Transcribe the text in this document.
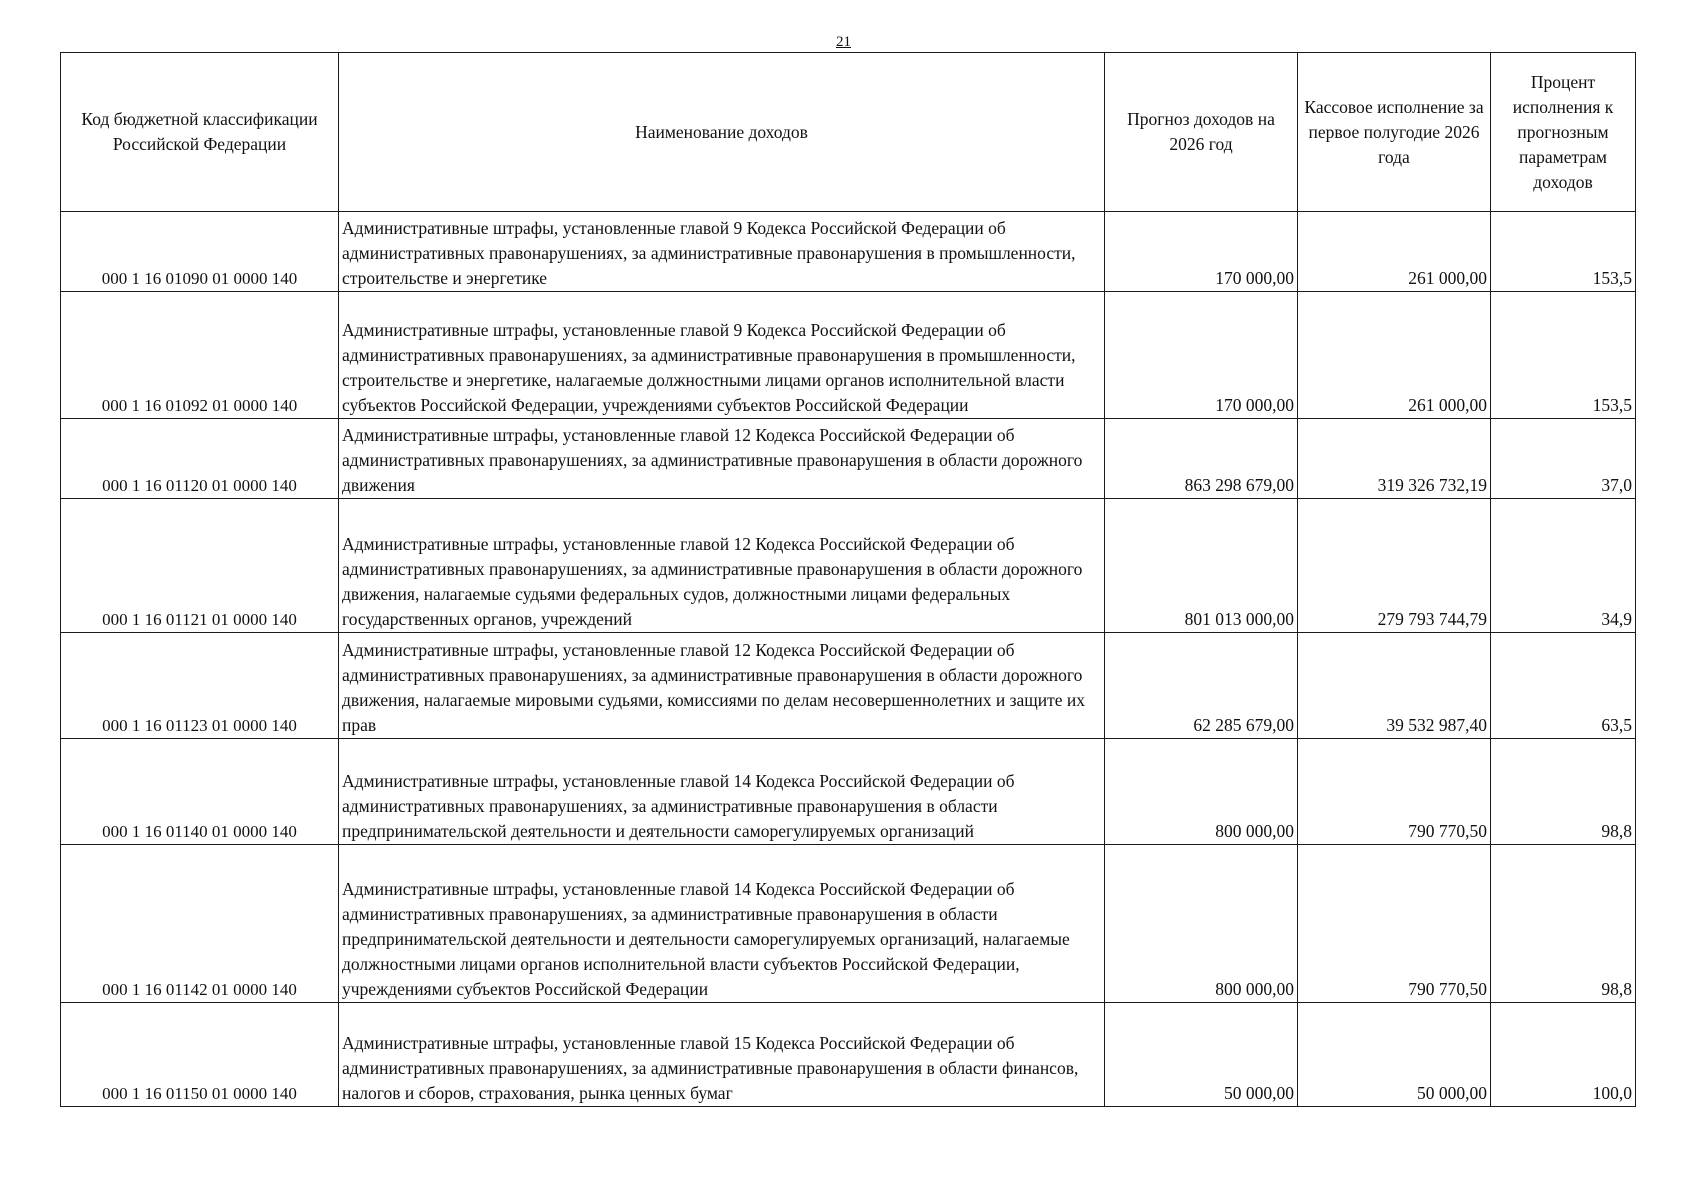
21
Код бюджетной классификации Российской Федерации	Наименование доходов	Прогноз доходов на 2026 год	Кассовое исполнение за первое полугодие 2026 года	Процент исполнения к прогнозным параметрам доходов
000 1 16 01090 01 0000 140	Административные штрафы, установленные главой 9 Кодекса Российской Федерации об административных правонарушениях, за административные правонарушения в промышленности, строительстве и энергетике	170 000,00	261 000,00	153,5
000 1 16 01092 01 0000 140	Административные штрафы, установленные главой 9 Кодекса Российской Федерации об административных правонарушениях, за административные правонарушения в промышленности, строительстве и энергетике, налагаемые должностными лицами органов исполнительной власти субъектов Российской Федерации, учреждениями субъектов Российской Федерации	170 000,00	261 000,00	153,5
000 1 16 01120 01 0000 140	Административные штрафы, установленные главой 12 Кодекса Российской Федерации об административных правонарушениях, за административные правонарушения в области дорожного движения	863 298 679,00	319 326 732,19	37,0
000 1 16 01121 01 0000 140	Административные штрафы, установленные главой 12 Кодекса Российской Федерации об административных правонарушениях, за административные правонарушения в области дорожного движения, налагаемые судьями федеральных судов, должностными лицами федеральных государственных органов, учреждений	801 013 000,00	279 793 744,79	34,9
000 1 16 01123 01 0000 140	Административные штрафы, установленные главой 12 Кодекса Российской Федерации об административных правонарушениях, за административные правонарушения в области дорожного движения, налагаемые мировыми судьями, комиссиями по делам несовершеннолетних и защите их прав	62 285 679,00	39 532 987,40	63,5
000 1 16 01140 01 0000 140	Административные штрафы, установленные главой 14 Кодекса Российской Федерации об административных правонарушениях, за административные правонарушения в области предпринимательской деятельности и деятельности саморегулируемых организаций	800 000,00	790 770,50	98,8
000 1 16 01142 01 0000 140	Административные штрафы, установленные главой 14 Кодекса Российской Федерации об административных правонарушениях, за административные правонарушения в области предпринимательской деятельности и деятельности саморегулируемых организаций, налагаемые должностными лицами органов исполнительной власти субъектов Российской Федерации, учреждениями субъектов Российской Федерации	800 000,00	790 770,50	98,8
000 1 16 01150 01 0000 140	Административные штрафы, установленные главой 15 Кодекса Российской Федерации об административных правонарушениях, за административные правонарушения в области финансов, налогов и сборов, страхования, рынка ценных бумаг	50 000,00	50 000,00	100,0
